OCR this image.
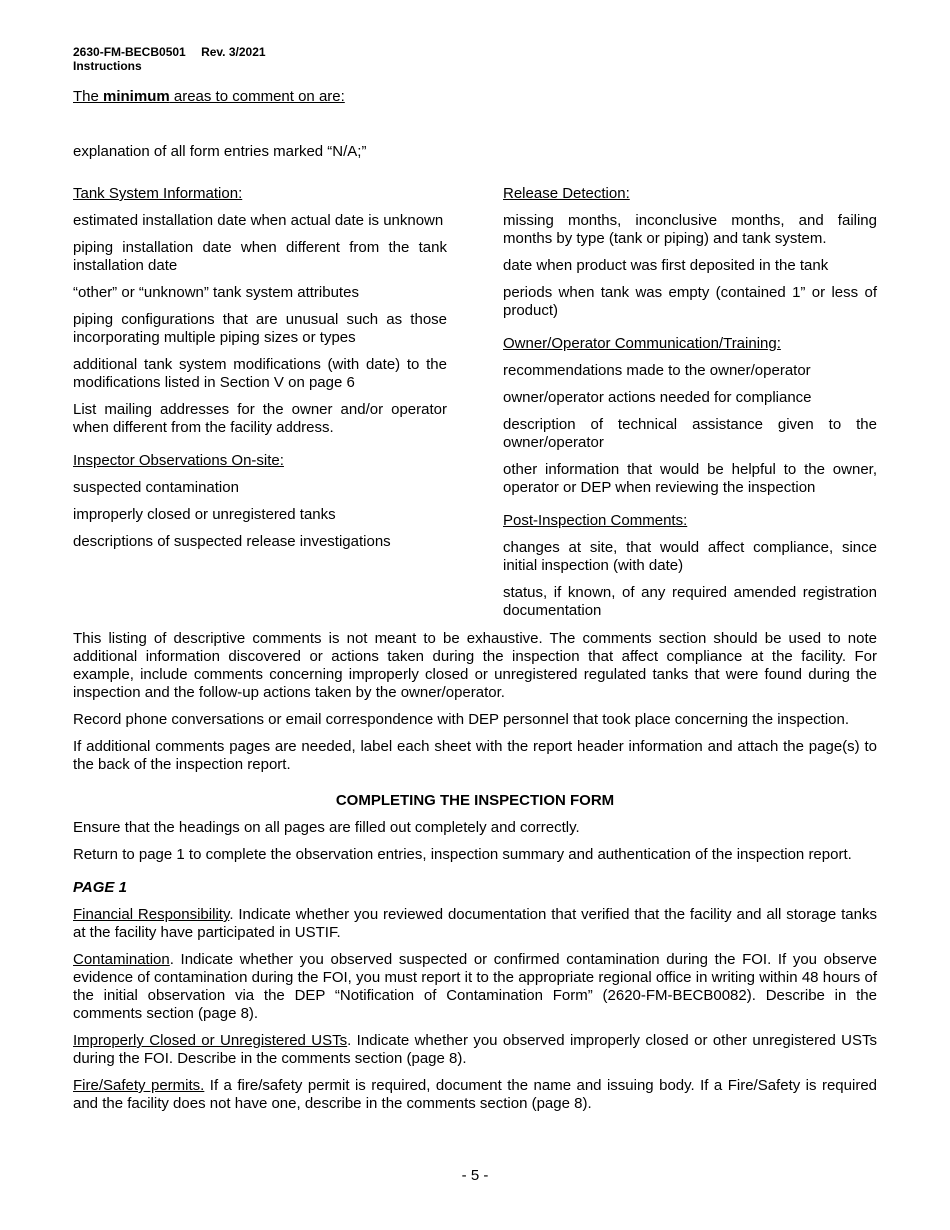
2630-FM-BECB0501 Rev. 3/2021
Instructions
The minimum areas to comment on are:
explanation of all form entries marked “N/A;”

Tank System Information:

estimated installation date when actual date is unknown

piping installation date when different from the tank installation date

“other” or “unknown” tank system attributes

piping configurations that are unusual such as those incorporating multiple piping sizes or types

additional tank system modifications (with date) to the modifications listed in Section V on page 6

List mailing addresses for the owner and/or operator when different from the facility address.

Inspector Observations On-site:

suspected contamination

improperly closed or unregistered tanks

descriptions of suspected release investigations

Release Detection:

missing months, inconclusive months, and failing months by type (tank or piping) and tank system.

date when product was first deposited in the tank

periods when tank was empty (contained 1” or less of product)

Owner/Operator Communication/Training:

recommendations made to the owner/operator

owner/operator actions needed for compliance

description of technical assistance given to the owner/operator

other information that would be helpful to the owner, operator or DEP when reviewing the inspection

Post-Inspection Comments:

changes at site, that would affect compliance, since initial inspection (with date)

status, if known, of any required amended registration documentation

This listing of descriptive comments is not meant to be exhaustive. The comments section should be used to note additional information discovered or actions taken during the inspection that affect compliance at the facility. For example, include comments concerning improperly closed or unregistered regulated tanks that were found during the inspection and the follow-up actions taken by the owner/operator.

Record phone conversations or email correspondence with DEP personnel that took place concerning the inspection.

If additional comments pages are needed, label each sheet with the report header information and attach the page(s) to the back of the inspection report.

COMPLETING THE INSPECTION FORM

Ensure that the headings on all pages are filled out completely and correctly.

Return to page 1 to complete the observation entries, inspection summary and authentication of the inspection report.

PAGE 1

Financial Responsibility. Indicate whether you reviewed documentation that verified that the facility and all storage tanks at the facility have participated in USTIF.

Contamination. Indicate whether you observed suspected or confirmed contamination during the FOI. If you observe evidence of contamination during the FOI, you must report it to the appropriate regional office in writing within 48 hours of the initial observation via the DEP “Notification of Contamination Form” (2620-FM-BECB0082). Describe in the comments section (page 8).

Improperly Closed or Unregistered USTs. Indicate whether you observed improperly closed or other unregistered USTs during the FOI. Describe in the comments section (page 8).

Fire/Safety permits. If a fire/safety permit is required, document the name and issuing body. If a Fire/Safety is required and the facility does not have one, describe in the comments section (page 8).

- 5 -
